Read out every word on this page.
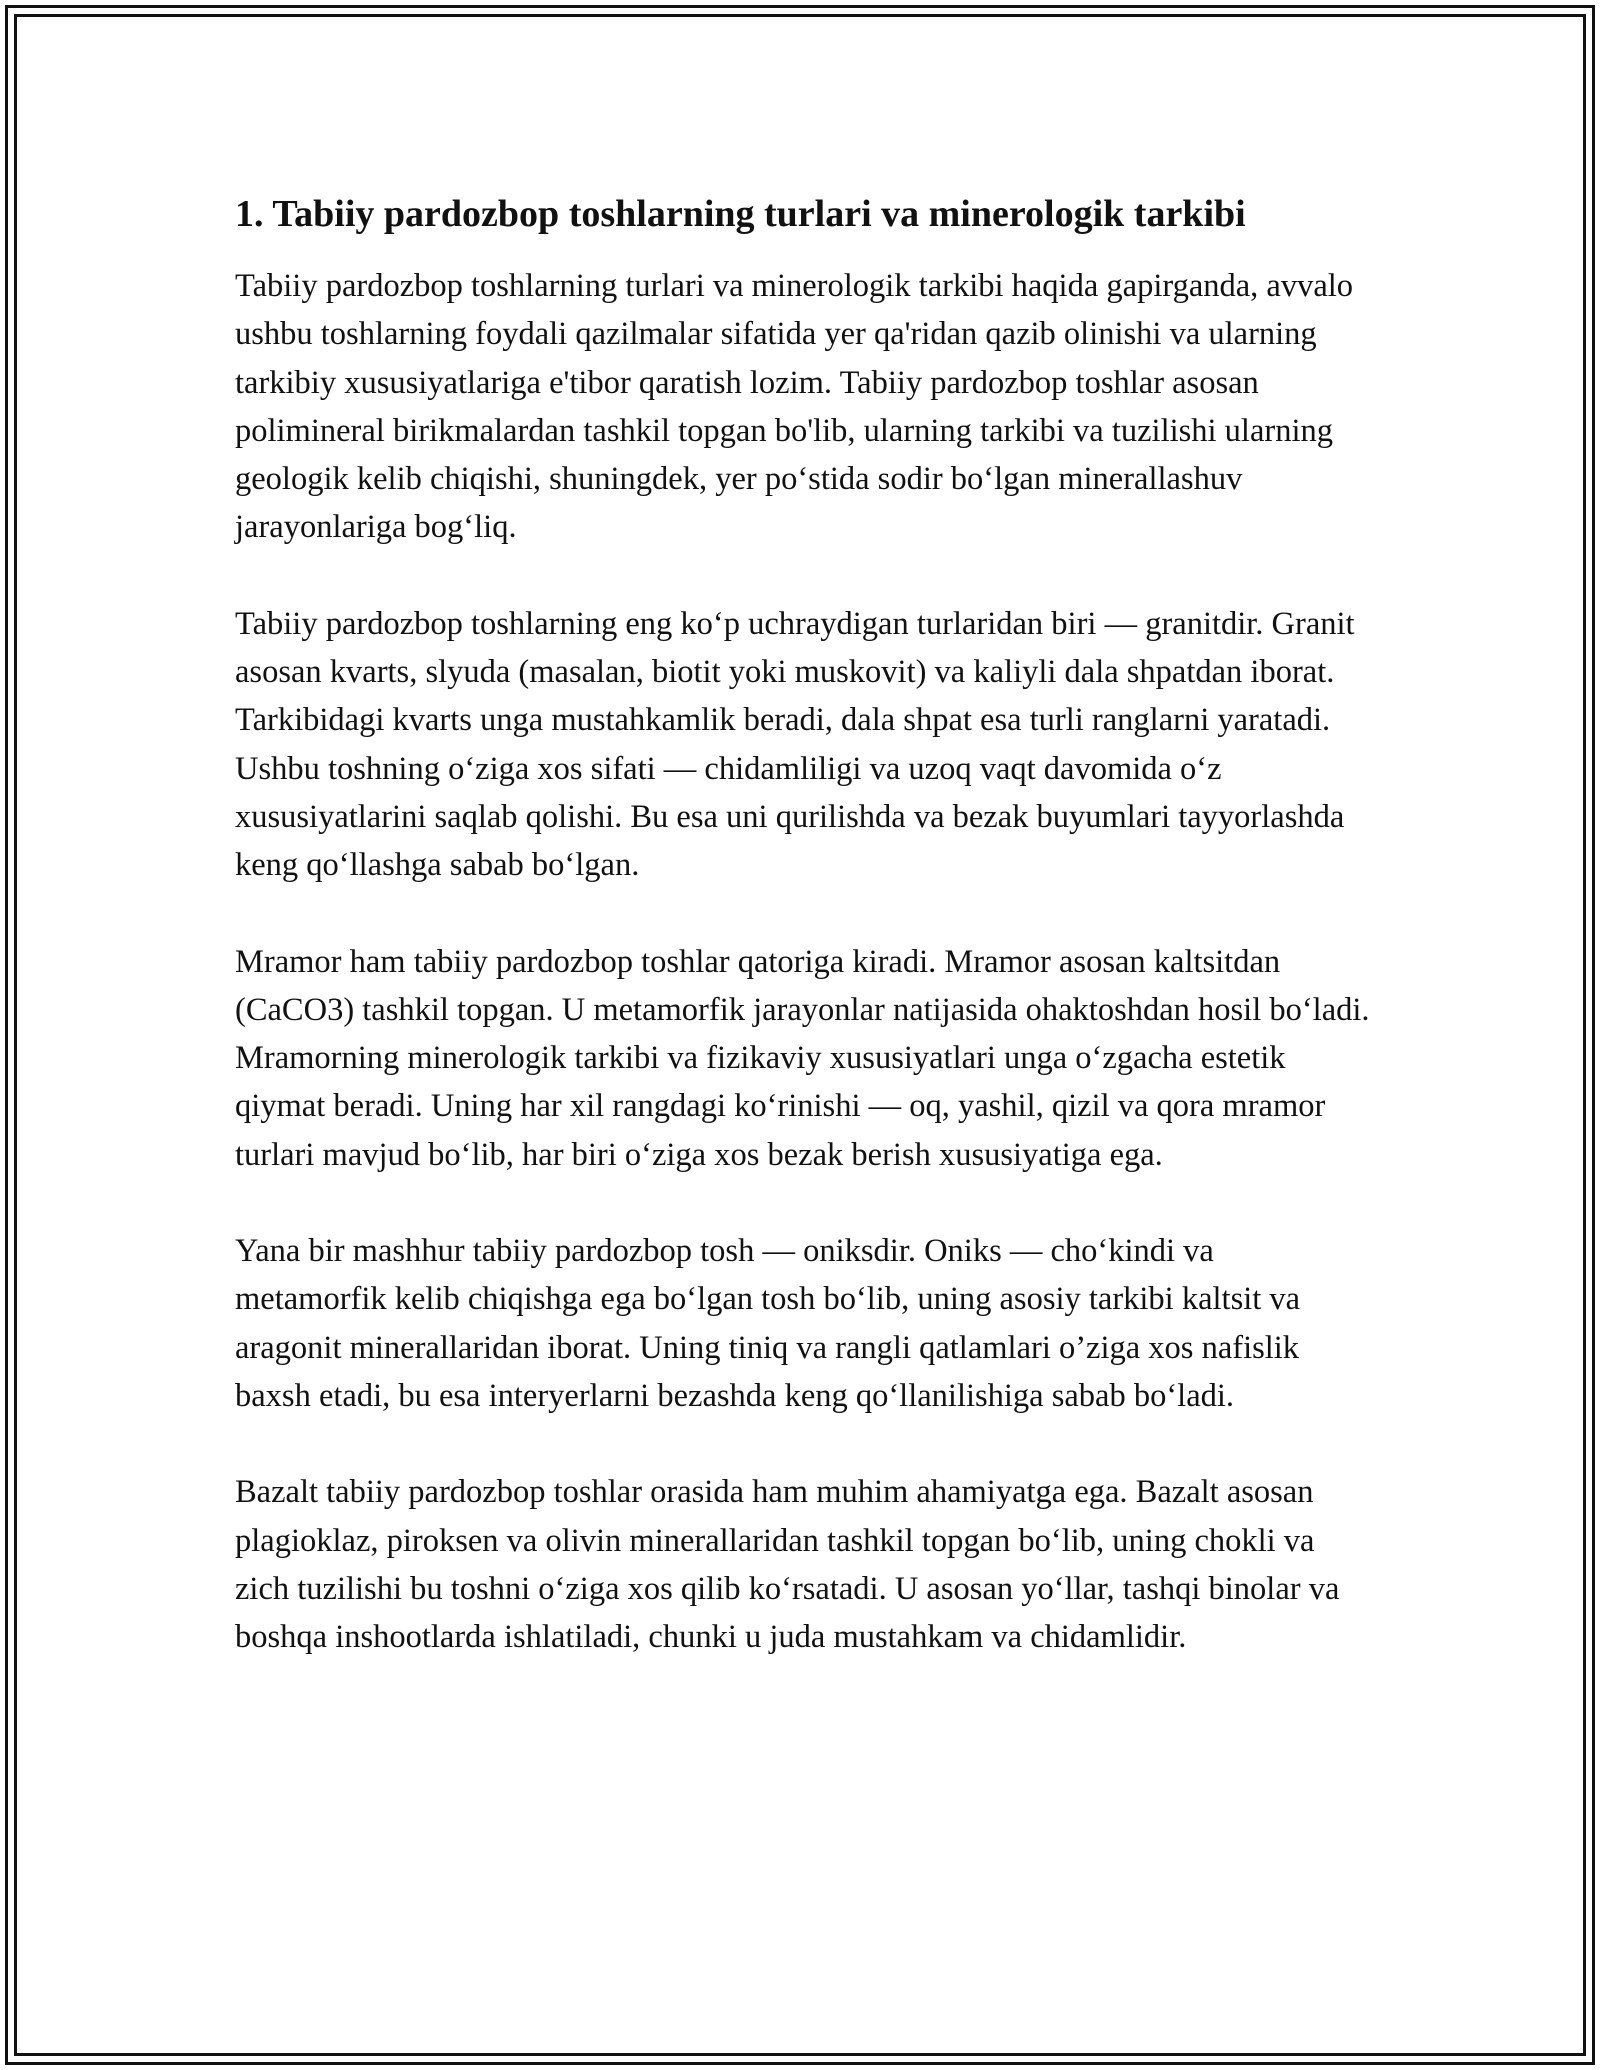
1. Tabiiy pardozbop toshlarning turlari va minerologik tarkibi

Tabiiy pardozbop toshlarning turlari va minerologik tarkibi haqida gapirganda, avvalo ushbu toshlarning foydali qazilmalar sifatida yer qa'ridan qazib olinishi va ularning tarkibiy xususiyatlariga e'tibor qaratish lozim. Tabiiy pardozbop toshlar asosan polimineral birikmalardan tashkil topgan bo'lib, ularning tarkibi va tuzilishi ularning geologik kelib chiqishi, shuningdek, yer po‘stida sodir bo‘lgan minerallashuv jarayonlariga bog‘liq.

Tabiiy pardozbop toshlarning eng ko‘p uchraydigan turlaridan biri — granitdir. Granit asosan kvarts, slyuda (masalan, biotit yoki muskovit) va kaliyli dala shpatdan iborat. Tarkibidagi kvarts unga mustahkamlik beradi, dala shpat esa turli ranglarni yaratadi. Ushbu toshning o‘ziga xos sifati — chidamliligi va uzoq vaqt davomida o‘z xususiyatlarini saqlab qolishi. Bu esa uni qurilishda va bezak buyumlari tayyorlashda keng qo‘llashga sabab bo‘lgan.

Mramor ham tabiiy pardozbop toshlar qatoriga kiradi. Mramor asosan kaltsitdan (CaCO3) tashkil topgan. U metamorfik jarayonlar natijasida ohaktoshdan hosil bo‘ladi. Mramorning minerologik tarkibi va fizikaviy xususiyatlari unga o‘zgacha estetik qiymat beradi. Uning har xil rangdagi ko‘rinishi — oq, yashil, qizil va qora mramor turlari mavjud bo‘lib, har biri o‘ziga xos bezak berish xususiyatiga ega.

Yana bir mashhur tabiiy pardozbop tosh — oniksdir. Oniks — cho‘kindi va metamorfik kelib chiqishga ega bo‘lgan tosh bo‘lib, uning asosiy tarkibi kaltsit va aragonit minerallaridan iborat. Uning tiniq va rangli qatlamlari o’ziga xos nafislik baxsh etadi, bu esa interyerlarni bezashda keng qo‘llanilishiga sabab bo‘ladi.

Bazalt tabiiy pardozbop toshlar orasida ham muhim ahamiyatga ega. Bazalt asosan plagioklaz, piroksen va olivin minerallaridan tashkil topgan bo‘lib, uning chokli va zich tuzilishi bu toshni o‘ziga xos qilib ko‘rsatadi. U asosan yo‘llar, tashqi binolar va boshqa inshootlarda ishlatiladi, chunki u juda mustahkam va chidamlidir.
